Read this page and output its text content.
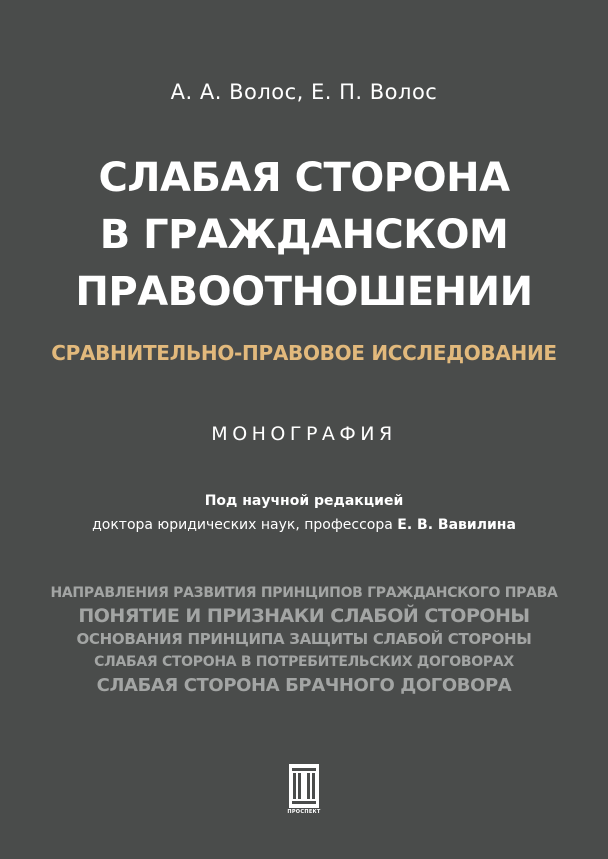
А. А. Волос, Е. П. Волос
СЛАБАЯ СТОРОНА
В ГРАЖДАНСКОМ
ПРАВООТНОШЕНИИ
СРАВНИТЕЛЬНО-ПРАВОВОЕ ИССЛЕДОВАНИЕ
МОНОГРАФИЯ
Под научной редакцией
доктора юридических наук, профессора Е. В. Вавилина
НАПРАВЛЕНИЯ РАЗВИТИЯ ПРИНЦИПОВ ГРАЖДАНСКОГО ПРАВА
ПОНЯТИЕ И ПРИЗНАКИ СЛАБОЙ СТОРОНЫ
ОСНОВАНИЯ ПРИНЦИПА ЗАЩИТЫ СЛАБОЙ СТОРОНЫ
СЛАБАЯ СТОРОНА В ПОТРЕБИТЕЛЬСКИХ ДОГОВОРАХ
СЛАБАЯ СТОРОНА БРАЧНОГО ДОГОВОРА
ПРОСПЕКТ
